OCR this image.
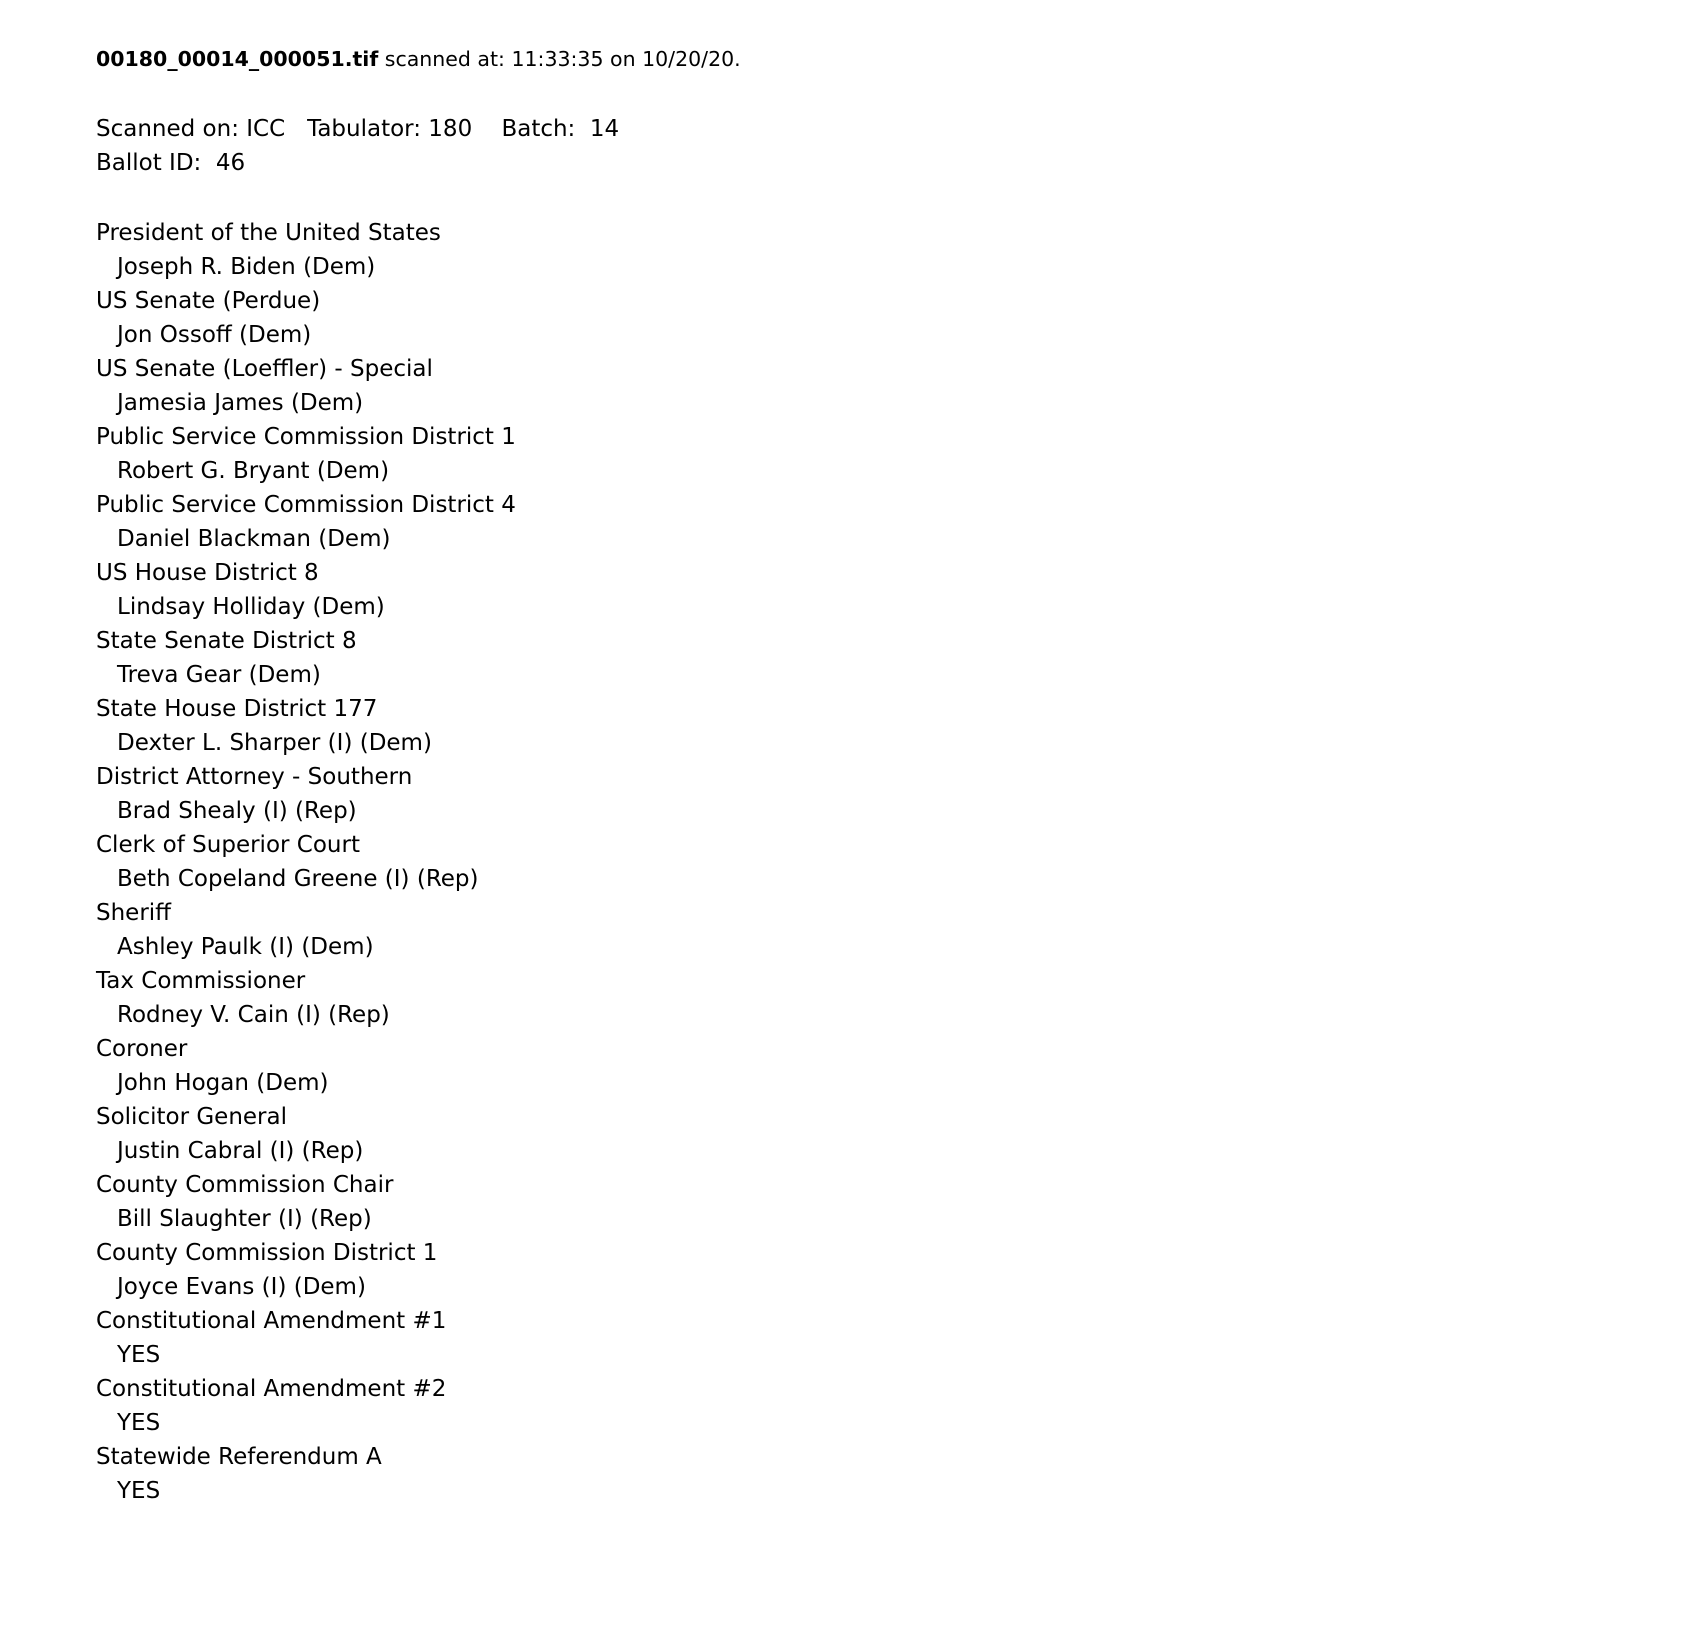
00180_00014_000051.tif scanned at: 11:33:35 on 10/20/20.
Scanned on: ICC   Tabulator: 180    Batch:  14
Ballot ID:  46
President of the United States
Joseph R. Biden (Dem)
US Senate (Perdue)
Jon Ossoff (Dem)
US Senate (Loeffler) - Special
Jamesia James (Dem)
Public Service Commission District 1
Robert G. Bryant (Dem)
Public Service Commission District 4
Daniel Blackman (Dem)
US House District 8
Lindsay Holliday (Dem)
State Senate District 8
Treva Gear (Dem)
State House District 177
Dexter L. Sharper (I) (Dem)
District Attorney - Southern
Brad Shealy (I) (Rep)
Clerk of Superior Court
Beth Copeland Greene (I) (Rep)
Sheriff
Ashley Paulk (I) (Dem)
Tax Commissioner
Rodney V. Cain (I) (Rep)
Coroner
John Hogan (Dem)
Solicitor General
Justin Cabral (I) (Rep)
County Commission Chair
Bill Slaughter (I) (Rep)
County Commission District 1
Joyce Evans (I) (Dem)
Constitutional Amendment #1
YES
Constitutional Amendment #2
YES
Statewide Referendum A
YES
